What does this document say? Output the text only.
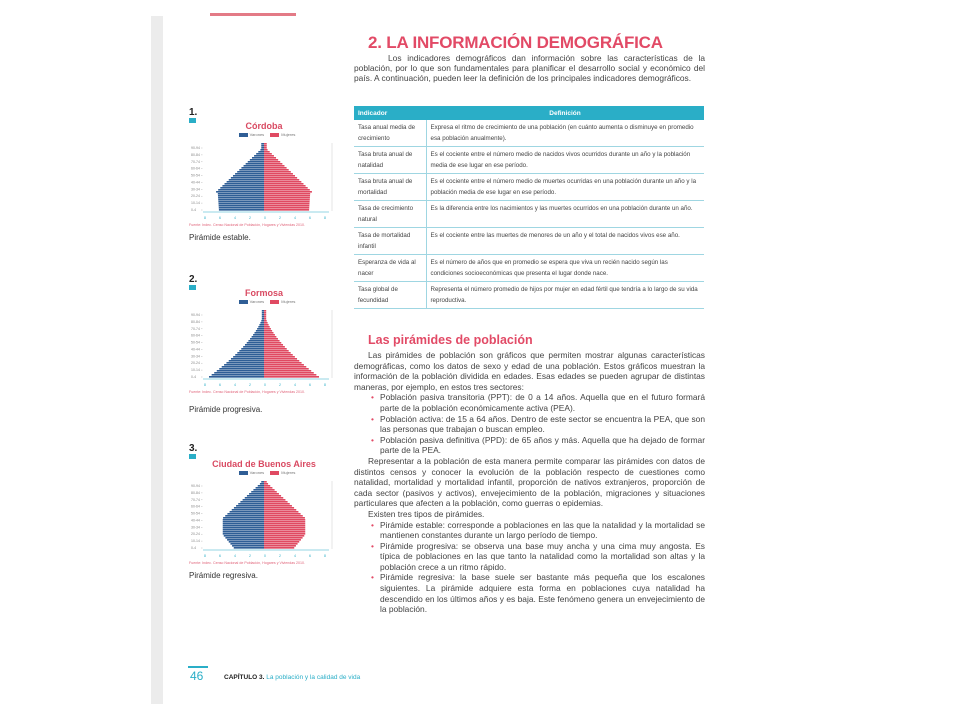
1.
Córdoba
Varones	Mujeres
8	6	4	2	0	2	4	6	8
0-4
10-14
20-24
30-34
40-44
50-54
60-64
70-74
80-84
90-94
Fuente: Indec. Censo Nacional de Población, Hogares y Viviendas 2010.
Pirámide estable.
2.
Formosa
Varones	Mujeres
8	6	4	2	0	2	4	6	8
0-4
10-14
20-24
30-34
40-44
50-54
60-64
70-74
80-84
90-94
Fuente: Indec. Censo Nacional de Población, Hogares y Viviendas 2010.
Pirámide progresiva.
3.
Ciudad de Buenos Aires
Varones	Mujeres
8	6	4	2	0	2	4	6	8
0-4
10-14
20-24
30-34
40-44
50-54
60-64
70-74
80-84
90-94
Fuente: Indec. Censo Nacional de Población, Hogares y Viviendas 2010.
Pirámide regresiva.
2. LA INFORMACIÓN DEMOGRÁFICA
Los indicadores demográficos dan información sobre las características de la población, por lo que son fundamentales para planificar el desarrollo social y económico del país. A continuación, pueden leer la definición de los principales indicadores demográficos.
Indicador	Definición
Tasa anual media de crecimiento	Expresa el ritmo de crecimiento de una población (en cuánto aumenta o disminuye en promedio esa población anualmente).
Tasa bruta anual de natalidad	Es el cociente entre el número medio de nacidos vivos ocurridos durante un año y la población media de ese lugar en ese período.
Tasa bruta anual de mortalidad	Es el cociente entre el número medio de muertes ocurridas en una población durante un año y la población media de ese lugar en ese período.
Tasa de crecimiento natural	Es la diferencia entre los nacimientos y las muertes ocurridos en una población durante un año.
Tasa de mortalidad infantil	Es el cociente entre las muertes de menores de un año y el total de nacidos vivos ese año.
Esperanza de vida al nacer	Es el número de años que en promedio se espera que viva un recién nacido según las condiciones socioeconómicas que presenta el lugar donde nace.
Tasa global de fecundidad	Representa el número promedio de hijos por mujer en edad fértil que tendría a lo largo de su vida reproductiva.
Las pirámides de población

Las pirámides de población son gráficos que permiten mostrar algunas características demográficas, como los datos de sexo y edad de una población. Estos gráficos muestran la información de la población dividida en edades. Esas edades se pueden agrupar de distintas maneras, por ejemplo, en estos tres sectores:

• Población pasiva transitoria (PPT): de 0 a 14 años. Aquella que en el futuro formará parte de la población económicamente activa (PEA).
• Población activa: de 15 a 64 años. Dentro de este sector se encuentra la PEA, que son las personas que trabajan o buscan empleo.
• Población pasiva definitiva (PPD): de 65 años y más. Aquella que ha dejado de formar parte de la PEA.

Representar a la población de esta manera permite comparar las pirámides con datos de distintos censos y conocer la evolución de la población respecto de cuestiones como natalidad, mortalidad y mortalidad infantil, proporción de nativos extranjeros, proporción de cada sector (pasivos y activos), envejecimiento de la población, migraciones y situaciones particulares que afecten a la población, como guerras o epidemias.

Existen tres tipos de pirámides.

• Pirámide estable: corresponde a poblaciones en las que la natalidad y la mortalidad se mantienen constantes durante un largo período de tiempo.
• Pirámide progresiva: se observa una base muy ancha y una cima muy angosta. Es típica de poblaciones en las que tanto la natalidad como la mortalidad son altas y la población crece a un ritmo rápido.
• Pirámide regresiva: la base suele ser bastante más pequeña que los escalones siguientes. La pirámide adquiere esta forma en poblaciones cuya natalidad ha descendido en los últimos años y es baja. Este fenómeno genera un envejecimiento de la población.
46	CAPÍTULO 3. La población y la calidad de vida
